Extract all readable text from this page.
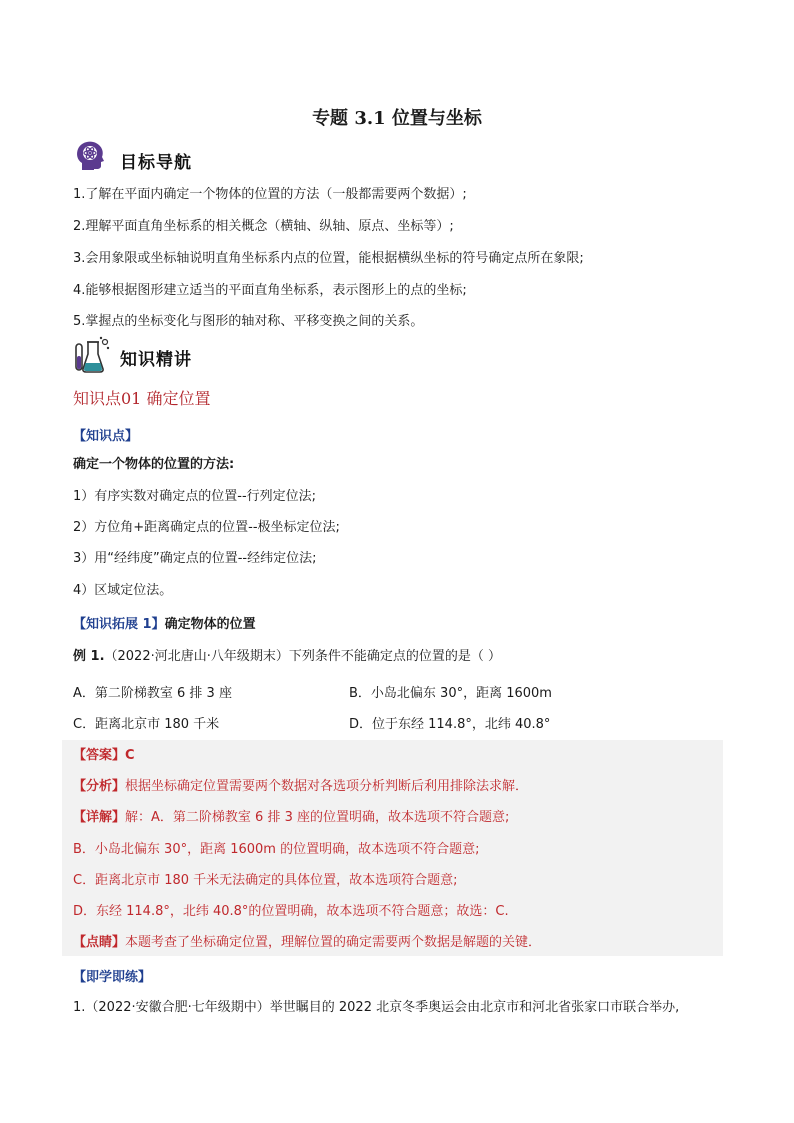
专题 3.1 位置与坐标
目标导航
1.了解在平面内确定一个物体的位置的方法（一般都需要两个数据）;
2.理解平面直角坐标系的相关概念（横轴、纵轴、原点、坐标等）;
3.会用象限或坐标轴说明直角坐标系内点的位置，能根据横纵坐标的符号确定点所在象限;
4.能够根据图形建立适当的平面直角坐标系，表示图形上的点的坐标;
5.掌握点的坐标变化与图形的轴对称、平移变换之间的关系。
知识精讲
知识点01 确定位置
【知识点】
确定一个物体的位置的方法:
1）有序实数对确定点的位置--行列定位法;
2）方位角+距离确定点的位置--极坐标定位法;
3）用“经纬度”确定点的位置--经纬定位法;
4）区域定位法。
【知识拓展 1】确定物体的位置
例 1.（2022·河北唐山·八年级期末）下列条件不能确定点的位置的是（ ）
A．第二阶梯教室 6 排 3 座	B．小岛北偏东 30°，距离 1600m
C．距离北京市 180 千米	D．位于东经 114.8°，北纬 40.8°
【答案】C
【分析】根据坐标确定位置需要两个数据对各选项分析判断后利用排除法求解．
【详解】解：A．第二阶梯教室 6 排 3 座的位置明确，故本选项不符合题意;
B．小岛北偏东 30°，距离 1600m 的位置明确，故本选项不符合题意;
C．距离北京市 180 千米无法确定的具体位置，故本选项符合题意;
D．东经 114.8°，北纬 40.8°的位置明确，故本选项不符合题意；故选：C.
【点睛】本题考查了坐标确定位置，理解位置的确定需要两个数据是解题的关键．
【即学即练】
1.（2022·安徽合肥·七年级期中）举世瞩目的 2022 北京冬季奥运会由北京市和河北省张家口市联合举办,
